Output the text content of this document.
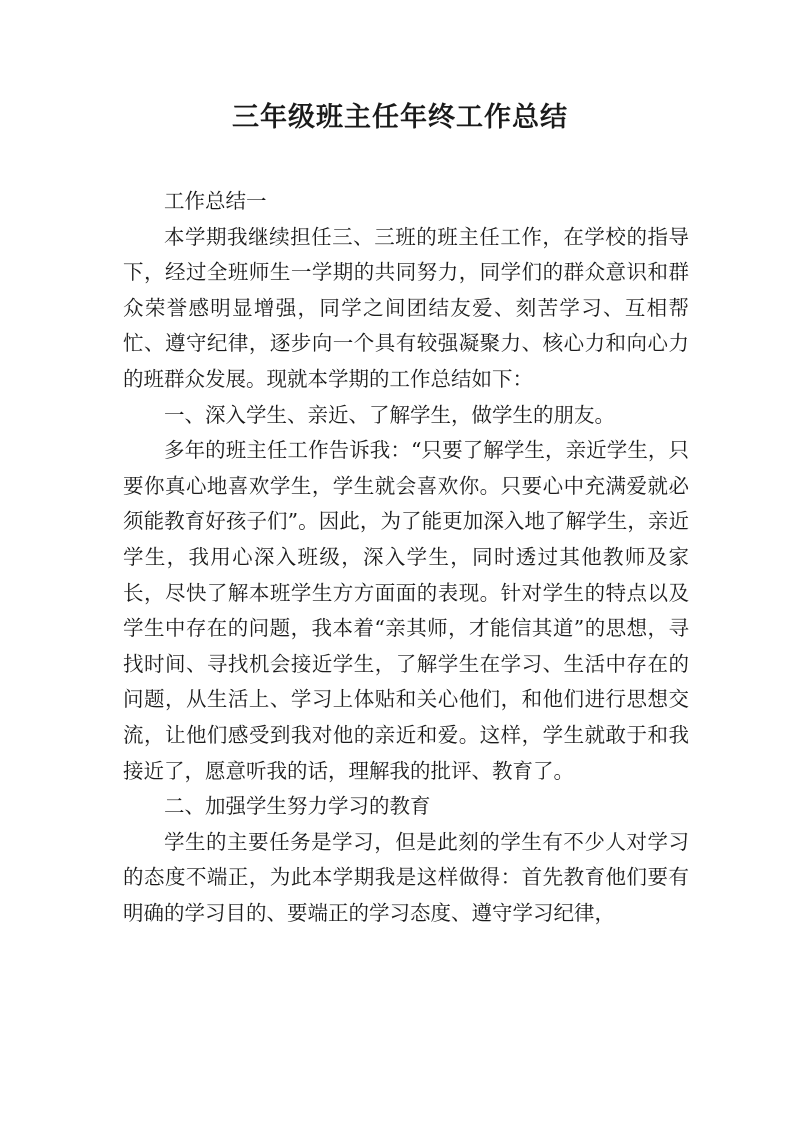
三年级班主任年终工作总结

工作总结一

本学期我继续担任三、三班的班主任工作，在学校的指导下，经过全班师生一学期的共同努力，同学们的群众意识和群众荣誉感明显增强，同学之间团结友爱、刻苦学习、互相帮忙、遵守纪律，逐步向一个具有较强凝聚力、核心力和向心力的班群众发展。现就本学期的工作总结如下：

一、深入学生、亲近、了解学生，做学生的朋友。

多年的班主任工作告诉我：“只要了解学生，亲近学生，只要你真心地喜欢学生，学生就会喜欢你。只要心中充满爱就必须能教育好孩子们”。因此，为了能更加深入地了解学生，亲近学生，我用心深入班级，深入学生，同时透过其他教师及家长，尽快了解本班学生方方面面的表现。针对学生的特点以及学生中存在的问题，我本着“亲其师，才能信其道”的思想，寻找时间、寻找机会接近学生，了解学生在学习、生活中存在的问题，从生活上、学习上体贴和关心他们，和他们进行思想交流，让他们感受到我对他的亲近和爱。这样，学生就敢于和我接近了，愿意听我的话，理解我的批评、教育了。

二、加强学生努力学习的教育

学生的主要任务是学习，但是此刻的学生有不少人对学习的态度不端正，为此本学期我是这样做得：首先教育他们要有明确的学习目的、要端正的学习态度、遵守学习纪律，
